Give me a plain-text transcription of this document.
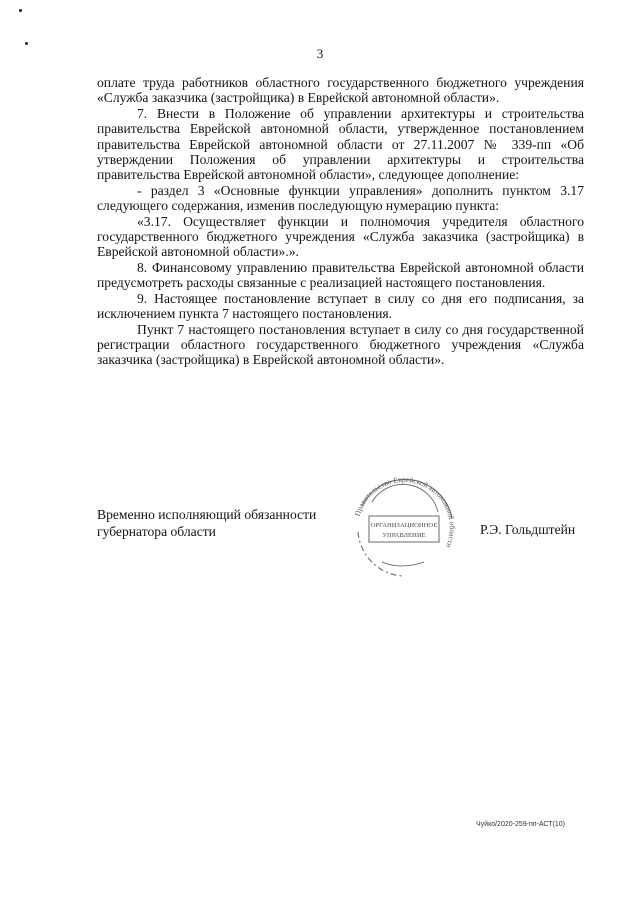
3

оплате труда работников областного государственного бюджетного учреждения «Служба заказчика (застройщика) в Еврейской автономной области».

7. Внести в Положение об управлении архитектуры и строительства правительства Еврейской автономной области, утвержденное постановлением правительства Еврейской автономной области от 27.11.2007 № 339-пп «Об утверждении Положения об управлении архитектуры и строительства правительства Еврейской автономной области», следующее дополнение:

- раздел 3 «Основные функции управления» дополнить пунктом 3.17 следующего содержания, изменив последующую нумерацию пункта:

«3.17. Осуществляет функции и полномочия учредителя областного государственного бюджетного учреждения «Служба заказчика (застройщика) в Еврейской автономной области».».

8. Финансовому управлению правительства Еврейской автономной области предусмотреть расходы связанные с реализацией настоящего постановления.

9. Настоящее постановление вступает в силу со дня его подписания, за исключением пункта 7 настоящего постановления.

Пункт 7 настоящего постановления вступает в силу со дня государственной регистрации областного государственного бюджетного учреждения «Служба заказчика (застройщика) в Еврейской автономной области».

Временно исполняющий обязанности
губернатора области
Правительство Еврейской автономной области
ОРГАНИЗАЦИОННОЕ
УПРАВЛЕНИЕ	Р.Э. Гольдштейн
Чуйко/2020-259-пп-АСТ(10)
